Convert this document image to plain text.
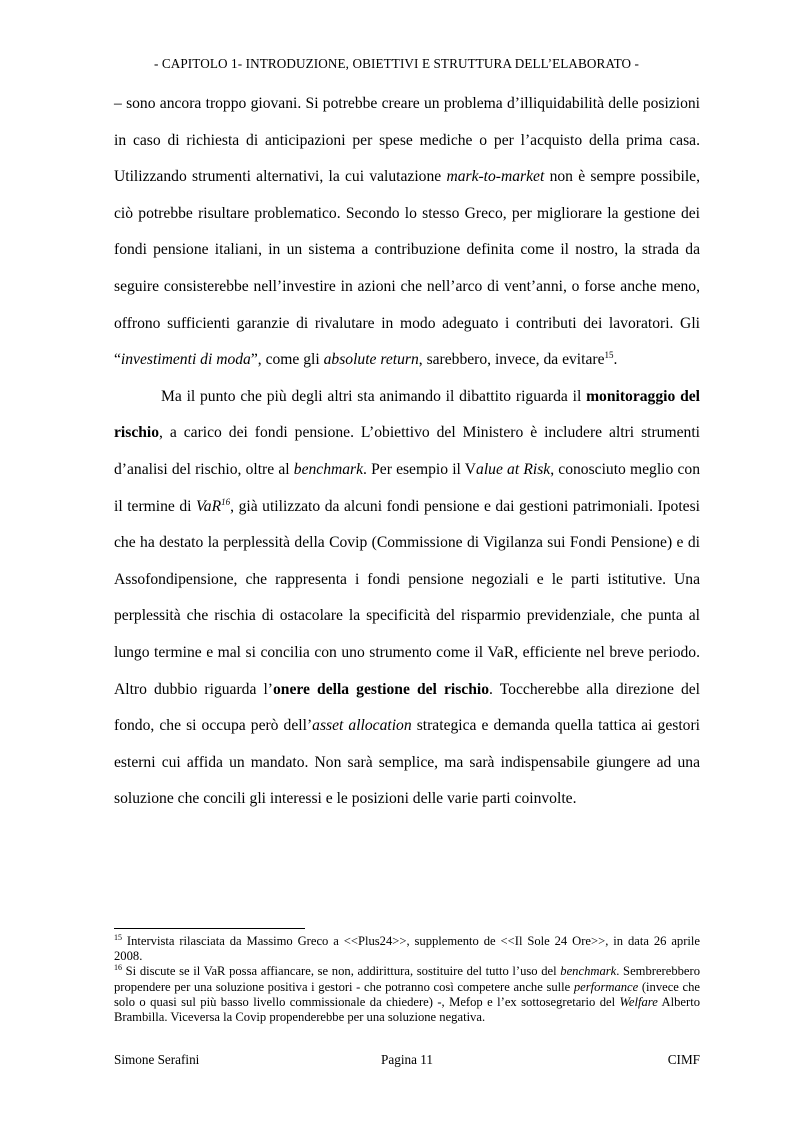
- CAPITOLO 1- INTRODUZIONE, OBIETTIVI E STRUTTURA DELL’ELABORATO -

– sono ancora troppo giovani. Si potrebbe creare un problema d’illiquidabilità delle posizioni in caso di richiesta di anticipazioni per spese mediche o per l’acquisto della prima casa. Utilizzando strumenti alternativi, la cui valutazione mark-to-market non è sempre possibile, ciò potrebbe risultare problematico. Secondo lo stesso Greco, per migliorare la gestione dei fondi pensione italiani, in un sistema a contribuzione definita come il nostro, la strada da seguire consisterebbe nell’investire in azioni che nell’arco di vent’anni, o forse anche meno, offrono sufficienti garanzie di rivalutare in modo adeguato i contributi dei lavoratori. Gli “investimenti di moda”, come gli absolute return, sarebbero, invece, da evitare$^{15}$.

Ma il punto che più degli altri sta animando il dibattito riguarda il monitoraggio del rischio, a carico dei fondi pensione. L’obiettivo del Ministero è includere altri strumenti d’analisi del rischio, oltre al benchmark. Per esempio il Value at Risk, conosciuto meglio con il termine di VaR$^{16}$, già utilizzato da alcuni fondi pensione e dai gestioni patrimoniali. Ipotesi che ha destato la perplessità della Covip (Commissione di Vigilanza sui Fondi Pensione) e di Assofondipensione, che rappresenta i fondi pensione negoziali e le parti istitutive. Una perplessità che rischia di ostacolare la specificità del risparmio previdenziale, che punta al lungo termine e mal si concilia con uno strumento come il VaR, efficiente nel breve periodo. Altro dubbio riguarda l’onere della gestione del rischio. Toccherebbe alla direzione del fondo, che si occupa però dell’asset allocation strategica e demanda quella tattica ai gestori esterni cui affida un mandato. Non sarà semplice, ma sarà indispensabile giungere ad una soluzione che concili gli interessi e le posizioni delle varie parti coinvolte.

$^{15}$ Intervista rilasciata da Massimo Greco a <<Plus24>>, supplemento de <<Il Sole 24 Ore>>, in data 26 aprile 2008.

$^{16}$ Si discute se il VaR possa affiancare, se non, addirittura, sostituire del tutto l’uso del benchmark. Sembrerebbero propendere per una soluzione positiva i gestori - che potranno così competere anche sulle performance (invece che solo o quasi sul più basso livello commissionale da chiedere) -, Mefop e l’ex sottosegretario del Welfare Alberto Brambilla. Viceversa la Covip propenderebbe per una soluzione negativa.

Simone Serafini	Pagina 11	CIMF
